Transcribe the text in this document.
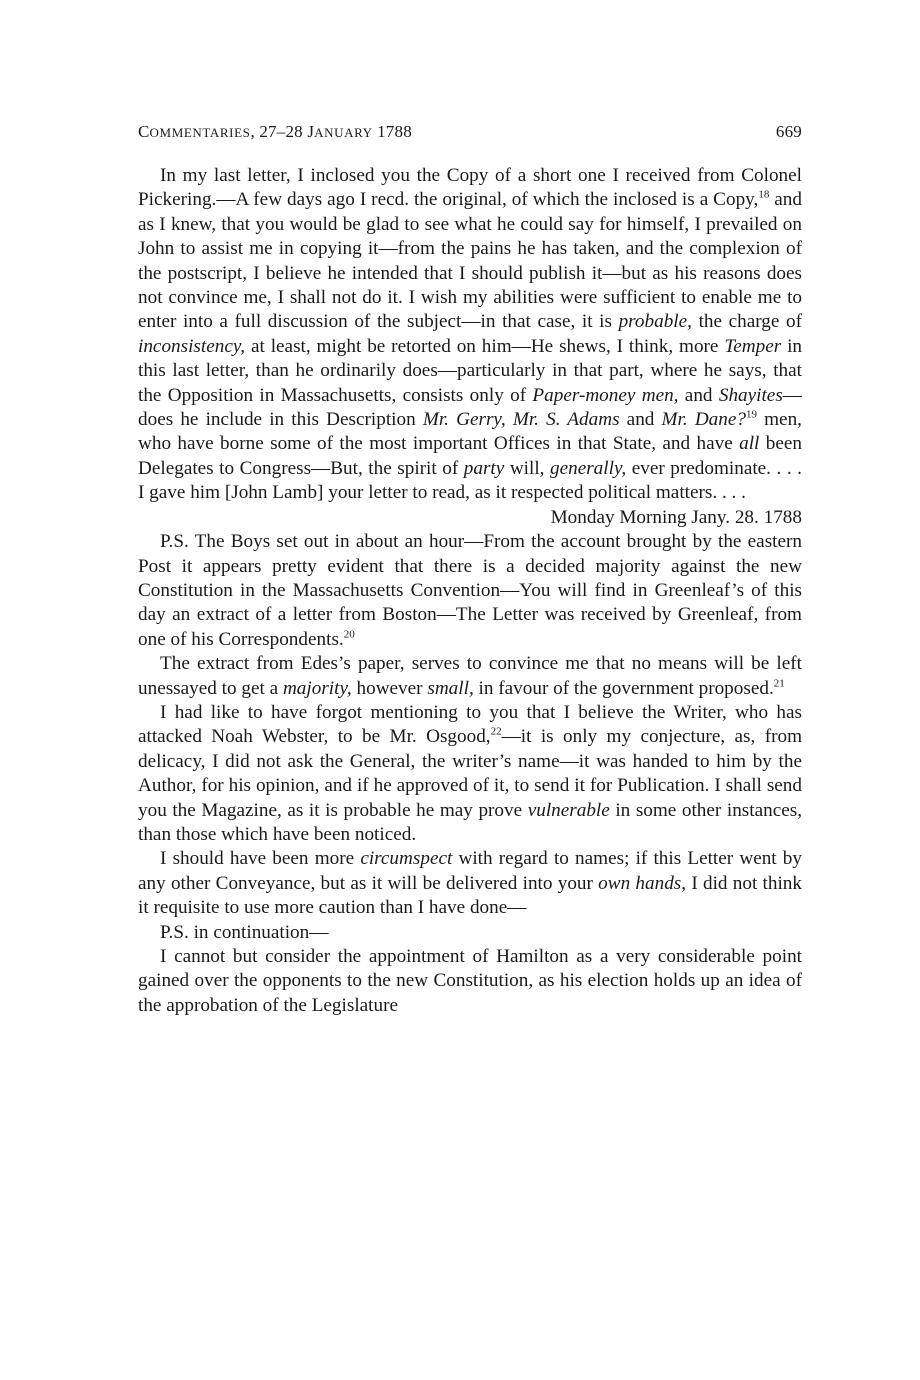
COMMENTARIES, 27–28 JANUARY 1788	669

In my last letter, I inclosed you the Copy of a short one I received from Colonel Pickering.—A few days ago I recd. the original, of which the inclosed is a Copy,$^{18}$ and as I knew, that you would be glad to see what he could say for himself, I prevailed on John to assist me in copying it—from the pains he has taken, and the complexion of the postscript, I believe he intended that I should publish it—but as his reasons does not convince me, I shall not do it. I wish my abilities were sufficient to enable me to enter into a full discussion of the subject—in that case, it is probable, the charge of inconsistency, at least, might be retorted on him—He shews, I think, more Temper in this last letter, than he ordinarily does—particularly in that part, where he says, that the Opposition in Massachusetts, consists only of Paper-money men, and Shayites—does he include in this Description Mr. Gerry, Mr. S. Adams and Mr. Dane?$^{19}$ men, who have borne some of the most important Offices in that State, and have all been Delegates to Congress—But, the spirit of party will, generally, ever predominate. . . . I gave him [John Lamb] your letter to read, as it respected political matters. . . .

Monday Morning Jany. 28. 1788

P.S. The Boys set out in about an hour—From the account brought by the eastern Post it appears pretty evident that there is a decided majority against the new Constitution in the Massachusetts Convention—You will find in Greenleaf’s of this day an extract of a letter from Boston—The Letter was received by Greenleaf, from one of his Correspondents.$^{20}$

The extract from Edes’s paper, serves to convince me that no means will be left unessayed to get a majority, however small, in favour of the government proposed.$^{21}$

I had like to have forgot mentioning to you that I believe the Writer, who has attacked Noah Webster, to be Mr. Osgood,$^{22}$—it is only my conjecture, as, from delicacy, I did not ask the General, the writer’s name—it was handed to him by the Author, for his opinion, and if he approved of it, to send it for Publication. I shall send you the Magazine, as it is probable he may prove vulnerable in some other instances, than those which have been noticed.

I should have been more circumspect with regard to names; if this Letter went by any other Conveyance, but as it will be delivered into your own hands, I did not think it requisite to use more caution than I have done—

P.S. in continuation—

I cannot but consider the appointment of Hamilton as a very considerable point gained over the opponents to the new Constitution, as his election holds up an idea of the approbation of the Legislature
